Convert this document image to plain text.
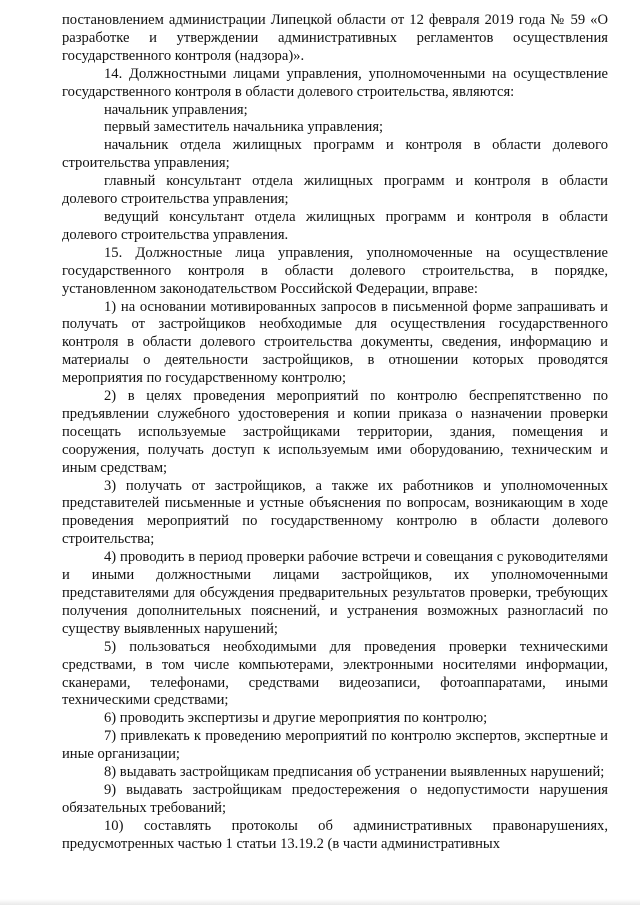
постановлением администрации Липецкой области от 12 февраля 2019 года № 59 «О разработке и утверждении административных регламентов осуществления государственного контроля (надзора)».

14. Должностными лицами управления, уполномоченными на осуществление государственного контроля в области долевого строительства, являются:

начальник управления;

первый заместитель начальника управления;

начальник отдела жилищных программ и контроля в области долевого строительства управления;

главный консультант отдела жилищных программ и контроля в области долевого строительства управления;

ведущий консультант отдела жилищных программ и контроля в области долевого строительства управления.

15. Должностные лица управления, уполномоченные на осуществление государственного контроля в области долевого строительства, в порядке, установленном законодательством Российской Федерации, вправе:

1) на основании мотивированных запросов в письменной форме запрашивать и получать от застройщиков необходимые для осуществления государственного контроля в области долевого строительства документы, сведения, информацию и материалы о деятельности застройщиков, в отношении которых проводятся мероприятия по государственному контролю;

2) в целях проведения мероприятий по контролю беспрепятственно по предъявлении служебного удостоверения и копии приказа о назначении проверки посещать используемые застройщиками территории, здания, помещения и сооружения, получать доступ к используемым ими оборудованию, техническим и иным средствам;

3) получать от застройщиков, а также их работников и уполномоченных представителей письменные и устные объяснения по вопросам, возникающим в ходе проведения мероприятий по государственному контролю в области долевого строительства;

4) проводить в период проверки рабочие встречи и совещания с руководителями и иными должностными лицами застройщиков, их уполномоченными представителями для обсуждения предварительных результатов проверки, требующих получения дополнительных пояснений, и устранения возможных разногласий по существу выявленных нарушений;

5) пользоваться необходимыми для проведения проверки техническими средствами, в том числе компьютерами, электронными носителями информации, сканерами, телефонами, средствами видеозаписи, фотоаппаратами, иными техническими средствами;

6) проводить экспертизы и другие мероприятия по контролю;

7) привлекать к проведению мероприятий по контролю экспертов, экспертные и иные организации;

8) выдавать застройщикам предписания об устранении выявленных нарушений;

9) выдавать застройщикам предостережения о недопустимости нарушения обязательных требований;

10) составлять протоколы об административных правонарушениях, предусмотренных частью 1 статьи 13.19.2 (в части административных
